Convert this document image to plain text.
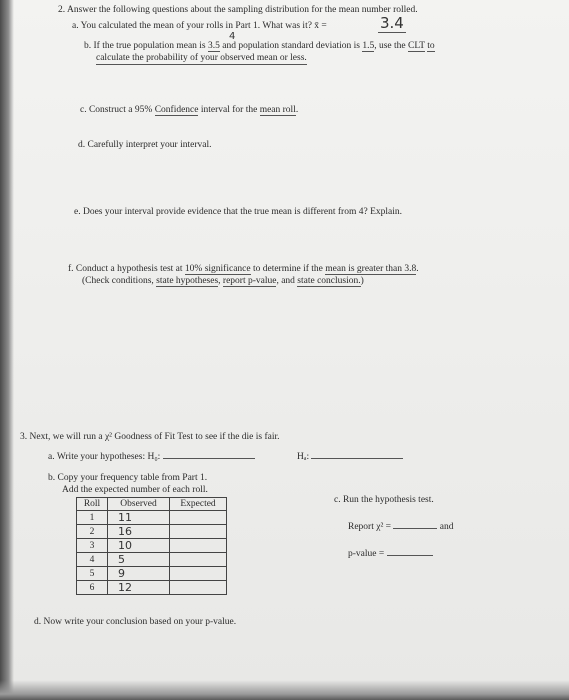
2. Answer the following questions about the sampling distribution for the mean number rolled.
a. You calculated the mean of your rolls in Part 1. What was it? x̄ =	3.4
4
b. If the true population mean is 3.5 and population standard deviation is 1.5, use the CLT to
calculate the probability of your observed mean or less.
c. Construct a 95% Confidence interval for the mean roll.
d. Carefully interpret your interval.
e. Does your interval provide evidence that the true mean is different from 4? Explain.
f. Conduct a hypothesis test at 10% significance to determine if the mean is greater than 3.8.
(Check conditions, state hypotheses, report p-value, and state conclusion.)
3. Next, we will run a χ² Goodness of Fit Test to see if the die is fair.
a. Write your hypotheses: H₀:	Hₐ:
b. Copy your frequency table from Part 1.
Add the expected number of each roll.
Roll	Observed	Expected
1	11	
2	16	
3	10	
4	5	
5	9	
6	12	
c. Run the hypothesis test.
Report χ² =	and
p-value =
d. Now write your conclusion based on your p-value.
